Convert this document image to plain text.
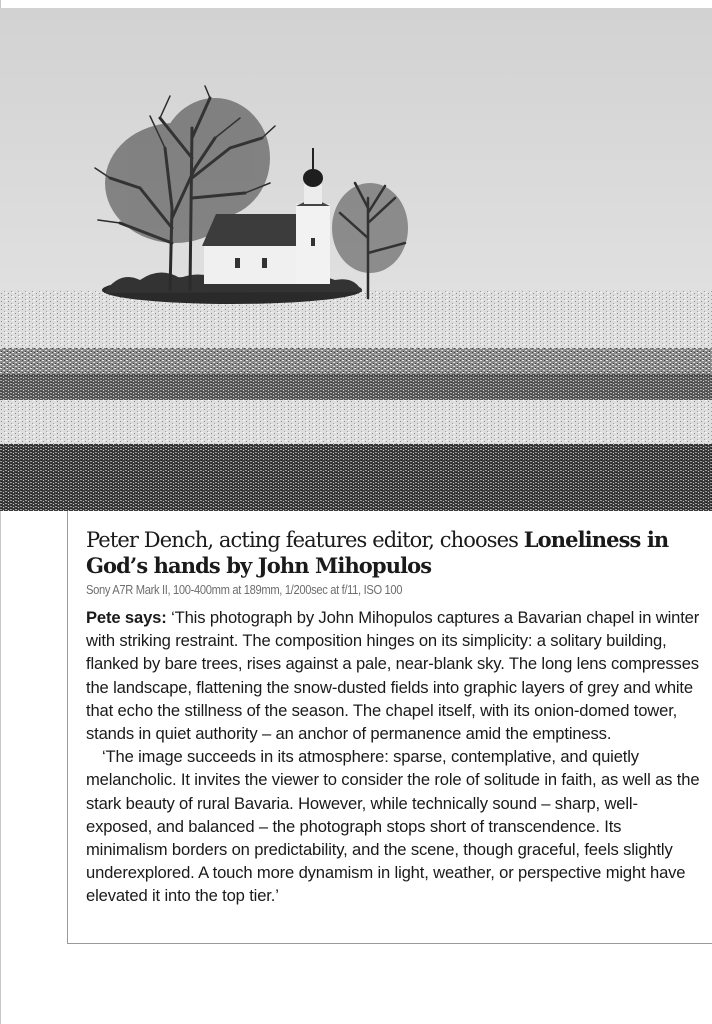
Peter Dench, acting features editor, chooses Loneliness in God’s hands by John Mihopulos
Sony A7R Mark II, 100-400mm at 189mm, 1/200sec at f/11, ISO 100

Pete says: ‘This photograph by John Mihopulos captures a Bavarian chapel in winter with striking restraint. The composition hinges on its simplicity: a solitary building, flanked by bare trees, rises against a pale, near-blank sky. The long lens compresses the landscape, flattening the snow-dusted fields into graphic layers of grey and white that echo the stillness of the season. The chapel itself, with its onion-domed tower, stands in quiet authority – an anchor of permanence amid the emptiness.

‘The image succeeds in its atmosphere: sparse, contemplative, and quietly melancholic. It invites the viewer to consider the role of solitude in faith, as well as the stark beauty of rural Bavaria. However, while technically sound – sharp, well-exposed, and balanced – the photograph stops short of transcendence. Its minimalism borders on predictability, and the scene, though graceful, feels slightly underexplored. A touch more dynamism in light, weather, or perspective might have elevated it into the top tier.’
